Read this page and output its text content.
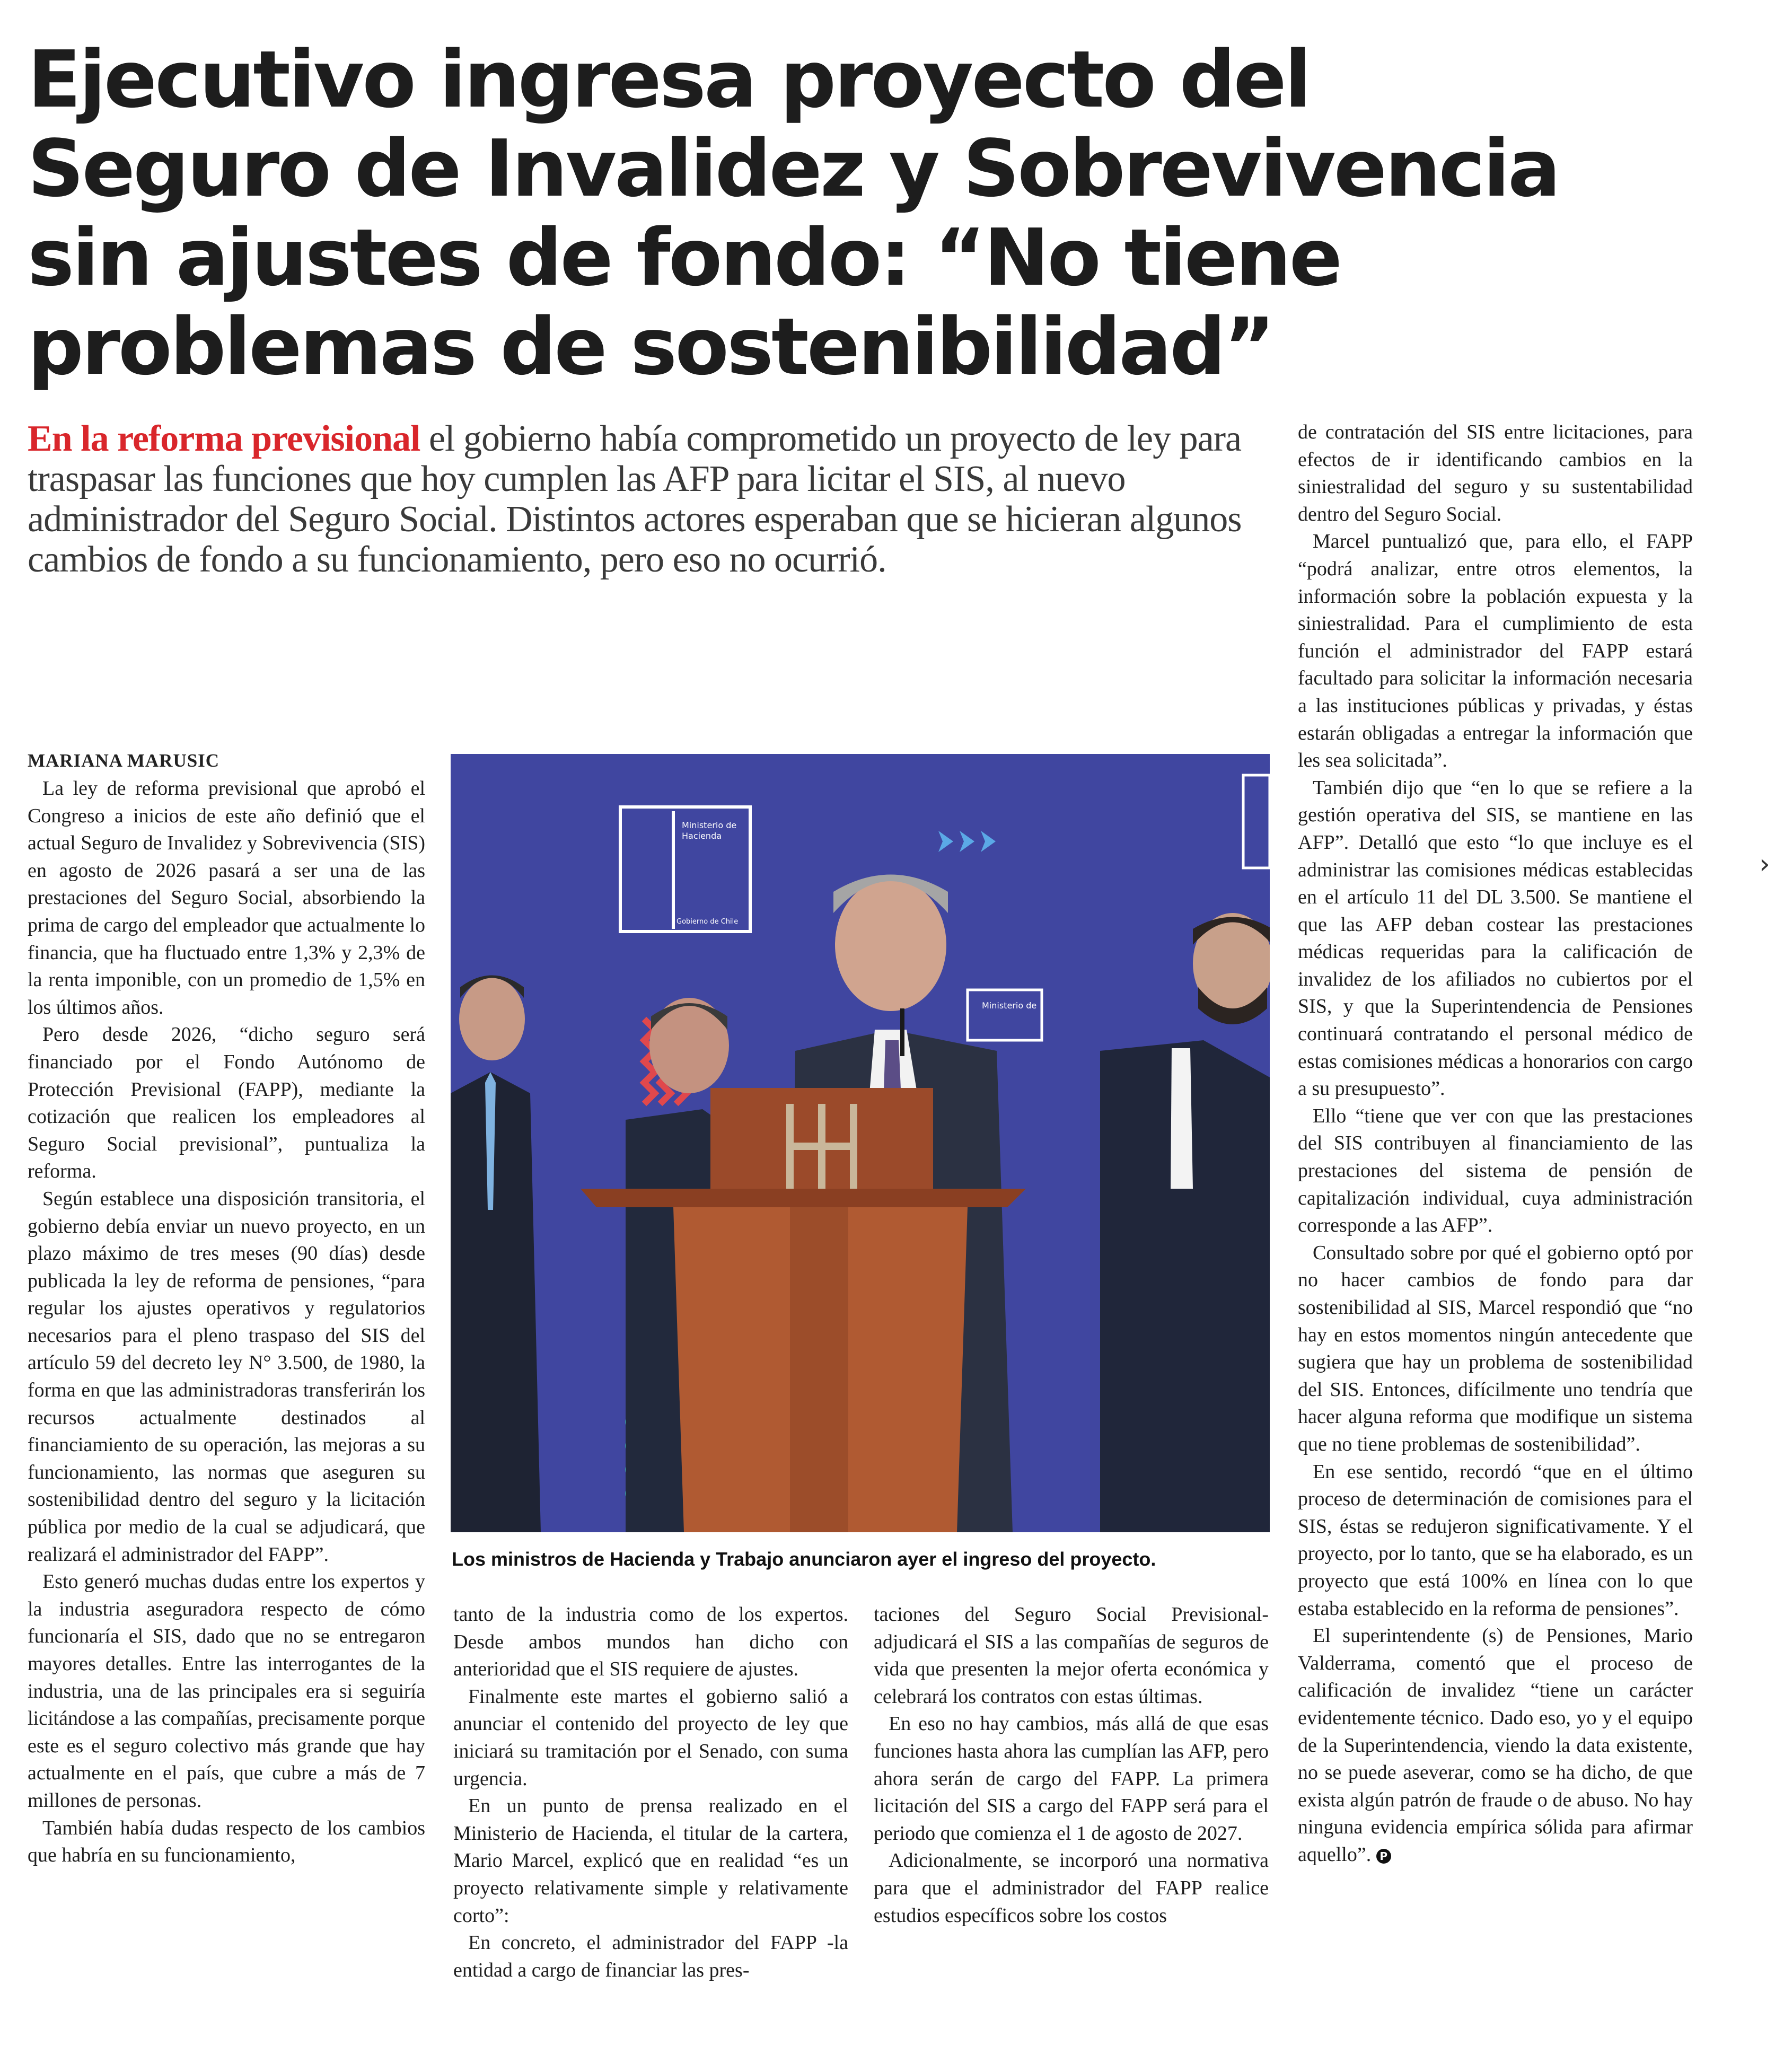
Ejecutivo ingresa proyecto del Seguro de Invalidez y Sobrevivencia sin ajustes de fondo: “No tiene problemas de sostenibilidad”

En la reforma previsional el gobierno había comprometido un proyecto de ley para traspasar las funciones que hoy cumplen las AFP para licitar el SIS, al nuevo administrador del Seguro Social. Distintos actores esperaban que se hicieran algunos cambios de fondo a su funcionamiento, pero eso no ocurrió.

MARIANA MARUSIC

La ley de reforma previsional que aprobó el Congreso a inicios de este año definió que el actual Seguro de Invalidez y Sobrevivencia (SIS) en agosto de 2026 pasará a ser una de las prestaciones del Seguro Social, absorbiendo la prima de cargo del empleador que actualmente lo financia, que ha fluctuado entre 1,3% y 2,3% de la renta imponible, con un promedio de 1,5% en los últimos años.

Pero desde 2026, “dicho seguro será financiado por el Fondo Autónomo de Protección Previsional (FAPP), mediante la cotización que realicen los empleadores al Seguro Social previsional”, puntualiza la reforma.

Según establece una disposición transitoria, el gobierno debía enviar un nuevo proyecto, en un plazo máximo de tres meses (90 días) desde publicada la ley de reforma de pensiones, “para regular los ajustes operativos y regulatorios necesarios para el pleno traspaso del SIS del artículo 59 del decreto ley N° 3.500, de 1980, la forma en que las administradoras transferirán los recursos actualmente destinados al financiamiento de su operación, las mejoras a su funcionamiento, las normas que aseguren su sostenibilidad dentro del seguro y la licitación pública por medio de la cual se adjudicará, que realizará el administrador del FAPP”.

Esto generó muchas dudas entre los expertos y la industria aseguradora respecto de cómo funcionaría el SIS, dado que no se entregaron mayores detalles. Entre las interrogantes de la industria, una de las principales era si seguiría licitándose a las compañías, precisamente porque este es el seguro colectivo más grande que hay actualmente en el país, que cubre a más de 7 millones de personas.

También había dudas respecto de los cambios que habría en su funcionamiento,

Ministerio de
Hacienda
Gobierno de Chile
Ministerio de
Los ministros de Hacienda y Trabajo anunciaron ayer el ingreso del proyecto.

tanto de la industria como de los expertos. Desde ambos mundos han dicho con anterioridad que el SIS requiere de ajustes.

Finalmente este martes el gobierno salió a anunciar el contenido del proyecto de ley que iniciará su tramitación por el Senado, con suma urgencia.

En un punto de prensa realizado en el Ministerio de Hacienda, el titular de la cartera, Mario Marcel, explicó que en realidad “es un proyecto relativamente simple y relativamente corto”:

En concreto, el administrador del FAPP -la entidad a cargo de financiar las pres-

taciones del Seguro Social Previsional- adjudicará el SIS a las compañías de seguros de vida que presenten la mejor oferta económica y celebrará los contratos con estas últimas.

En eso no hay cambios, más allá de que esas funciones hasta ahora las cumplían las AFP, pero ahora serán de cargo del FAPP. La primera licitación del SIS a cargo del FAPP será para el periodo que comienza el 1 de agosto de 2027.

Adicionalmente, se incorporó una normativa para que el administrador del FAPP realice estudios específicos sobre los costos

de contratación del SIS entre licitaciones, para efectos de ir identificando cambios en la siniestralidad del seguro y su sustentabilidad dentro del Seguro Social.

Marcel puntualizó que, para ello, el FAPP “podrá analizar, entre otros elementos, la información sobre la población expuesta y la siniestralidad. Para el cumplimiento de esta función el administrador del FAPP estará facultado para solicitar la información necesaria a las instituciones públicas y privadas, y éstas estarán obligadas a entregar la información que les sea solicitada”.

También dijo que “en lo que se refiere a la gestión operativa del SIS, se mantiene en las AFP”. Detalló que esto “lo que incluye es el administrar las comisiones médicas establecidas en el artículo 11 del DL 3.500. Se mantiene el que las AFP deban costear las prestaciones médicas requeridas para la calificación de invalidez de los afiliados no cubiertos por el SIS, y que la Superintendencia de Pensiones continuará contratando el personal médico de estas comisiones médicas a honorarios con cargo a su presupuesto”.

Ello “tiene que ver con que las prestaciones del SIS contribuyen al financiamiento de las prestaciones del sistema de pensión de capitalización individual, cuya administración corresponde a las AFP”.

Consultado sobre por qué el gobierno optó por no hacer cambios de fondo para dar sostenibilidad al SIS, Marcel respondió que “no hay en estos momentos ningún antecedente que sugiera que hay un problema de sostenibilidad del SIS. Entonces, difícilmente uno tendría que hacer alguna reforma que modifique un sistema que no tiene problemas de sostenibilidad”.

En ese sentido, recordó “que en el último proceso de determinación de comisiones para el SIS, éstas se redujeron significativamente. Y el proyecto, por lo tanto, que se ha elaborado, es un proyecto que está 100% en línea con lo que estaba establecido en la reforma de pensiones”.

El superintendente (s) de Pensiones, Mario Valderrama, comentó que el proceso de calificación de invalidez “tiene un carácter evidentemente técnico. Dado eso, yo y el equipo de la Superintendencia, viendo la data existente, no se puede aseverar, como se ha dicho, de que exista algún patrón de fraude o de abuso. No hay ninguna evidencia empírica sólida para afirmar aquello”. P

›
